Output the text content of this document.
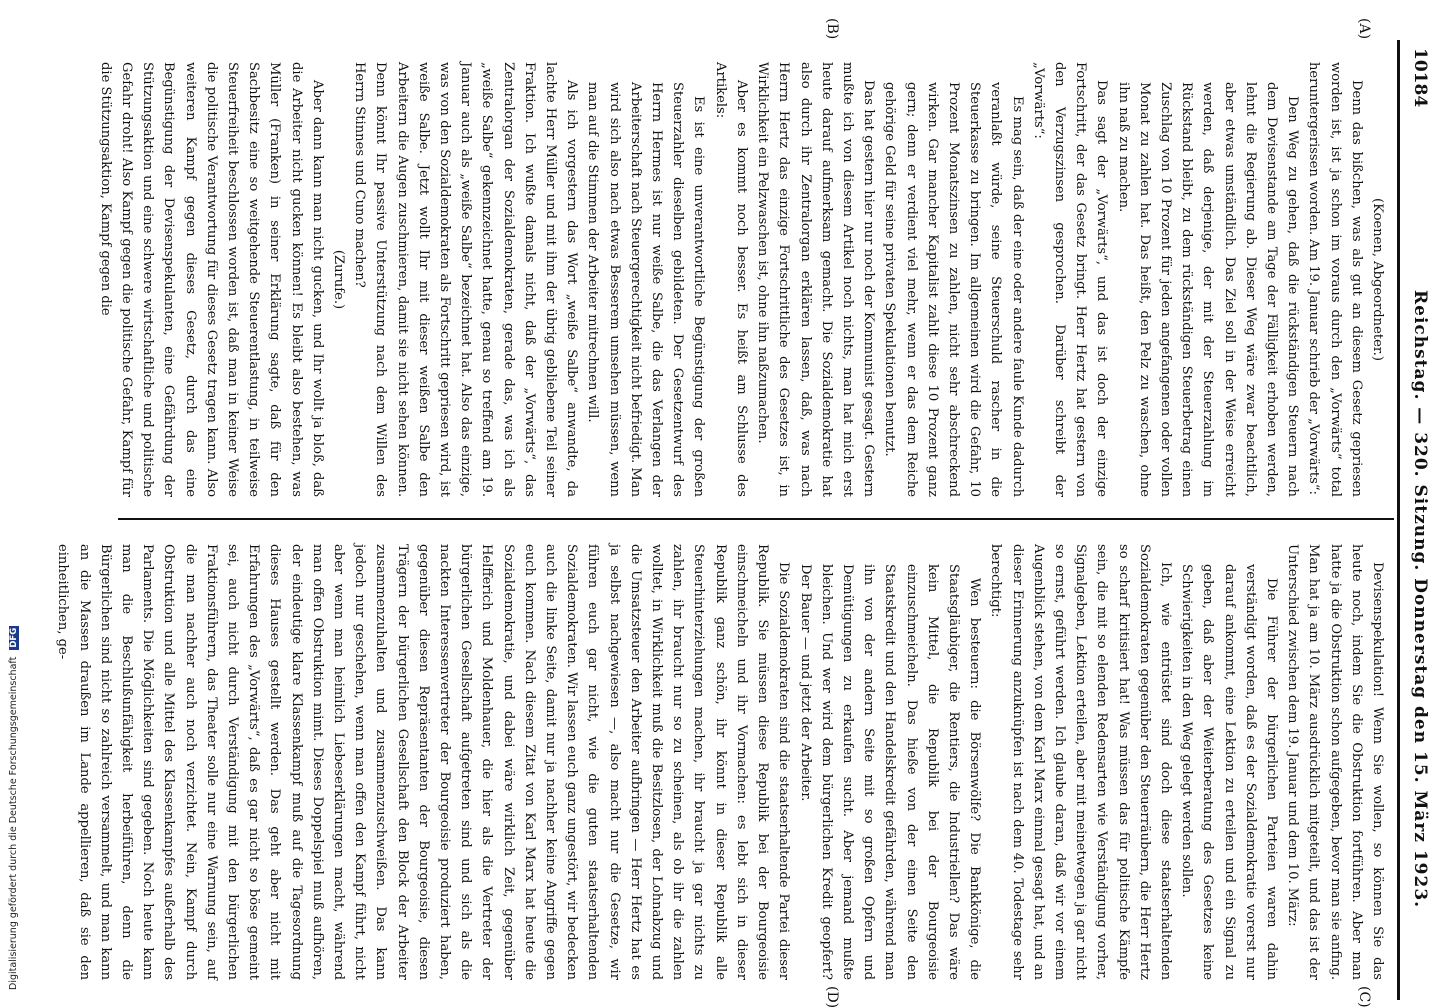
10184
Reichstag. — 320. Sitzung. Donnerstag den 15. März 1923.
(A)
(B)
(C)
(D)

(Koenen, Abgeordneter.)

Denn das bißchen, was als gut an diesem Gesetz gepriesen worden ist, ist ja schon im voraus durch den „Vorwärts“ total heruntergerissen worden. Am 19. Januar schrieb der „Vorwärts“:

Den Weg zu gehen, daß die rückständigen Steuern nach dem Devisenstande am Tage der Fälligkeit erhoben werden, lehnt die Regierung ab. Dieser Weg wäre zwar beachtlich, aber etwas umständlich. Das Ziel soll in der Weise erreicht werden, daß derjenige, der mit der Steuerzahlung im Rückstand bleibt, zu dem rückständigen Steuerbetrag einen Zuschlag von 10 Prozent für jeden angefangenen oder vollen Monat zu zahlen hat. Das heißt, den Pelz zu waschen, ohne ihn naß zu machen.

Das sagt der „Vorwärts“, und das ist doch der einzige Fortschritt, der das Gesetz bringt. Herr Hertz hat gestern von den Verzugszinsen gesprochen. Darüber schreibt der „Vorwärts“:

Es mag sein, daß der eine oder andere faule Kunde dadurch veranlaßt würde, seine Steuerschuld rascher in die Steuerkasse zu bringen. Im allgemeinen wird die Gefahr, 10 Prozent Monatszinsen zu zahlen, nicht sehr abschreckend wirken. Gar mancher Kapitalist zahlt diese 10 Prozent ganz gern; denn er verdient viel mehr, wenn er das dem Reiche gehörige Geld für seine privaten Spekulationen benutzt.

Das hat gestern hier nur noch der Kommunist gesagt. Gestern mußte ich von diesem Artikel noch nichts, man hat mich erst heute darauf aufmerksam gemacht. Die Sozialdemokratie hat also durch ihr Zentralorgan erklären lassen, daß, was nach Herrn Hertz das einzige Fortschrittliche des Gesetzes ist, in Wirklichkeit ein Pelzwaschen ist, ohne ihn naßzumachen.

Aber es kommt noch besser. Es heißt am Schlusse des Artikels:

Es ist eine unverantwortliche Begünstigung der großen Steuerzahler dieselben gebildeten. Der Gesetzentwurf des Herrn Hermes ist nur weiße Salbe, die das Verlangen der Arbeiterschaft nach Steuergerechtigkeit nicht befriedigt. Man wird sich also nach etwas Besserem umsehen müssen, wenn man auf die Stimmen der Arbeiter mitrechnen will.

Als ich vorgestern das Wort „weiße Salbe“ anwandte, da lachte Herr Müller und mit ihm der übrig gebliebene Teil seiner Fraktion. Ich wußte damals nicht, daß der „Vorwärts“, das Zentralorgan der Sozialdemokraten, gerade das, was ich als „weiße Salbe“ gekennzeichnet hatte, genau so treffend am 19. Januar auch als „weiße Salbe“ bezeichnet hat. Also das einzige, was von den Sozialdemokraten als Fortschritt gepriesen wird, ist weiße Salbe. Jetzt wollt Ihr mit dieser weißen Salbe den Arbeitern die Augen zuschmieren, damit sie nicht sehen können. Denn könnt Ihr passive Unterstützung nach dem Willen des Herrn Stinnes und Cuno machen?

(Zurufe.)

Aber dann kann man nicht gucken, und Ihr wollt ja bloß, daß die Arbeiter nicht gucken können! Es bleibt also bestehen, was Müller (Franken) in seiner Erklärung sagte, daß für den Sachbesitz eine so weitgehende Steuerentlastung, in teilweise Steuerfreiheit beschlossen worden ist, daß man in keiner Weise die politische Verantwortung für dieses Gesetz tragen kann. Also weiteren Kampf gegen dieses Gesetz, durch das eine Begünstigung der Devisenspekulanten, eine Gefährdung der Stützungsaktion und eine schwere wirtschaftliche und politische Gefahr droht! Also Kampf gegen die politische Gefahr, Kampf für die Stützungsaktion, Kampf gegen die

Devisenspekulation! Wenn Sie wollen, so können Sie das heute noch, indem Sie die Obstruktion fortführen. Aber man hatte ja die Obstruktion schon aufgegeben, bevor man sie anfing. Man hat ja am 10. März ausdrücklich mitgeteilt, und das ist der Unterschied zwischen dem 19. Januar und dem 10. März:

Die Führer der bürgerlichen Parteien waren dahin verständigt worden, daß es der Sozialdemokratie vorerst nur darauf ankommt, eine Lektion zu erteilen und ein Signal zu geben, daß aber der Weiterberatung des Gesetzes keine Schwierigkeiten in den Weg gelegt werden sollen.

Ich, wie entrüstet sind doch diese staatserhaltenden Sozialdemokraten gegenüber den Steuerräubern, die Herr Hertz so scharf kritisiert hat! Was müssen das für politische Kämpfe sein, die mit so elenden Redensarten wie Verständigung vorher, Signalgeben, Lektion erteilen, aber mit meinetwegen ja gar nicht so ernst, geführt werden. Ich glaube daran, daß wir vor einem Augenblick stehen, von dem Karl Marx einmal gesagt hat, und an dieser Erinnerung anzuknüpfen ist nach dem 40. Todestage sehr berechtigt:

Wen besteuern: die Börsenwölfe? Die Bankkönige, die Staatsgläubiger, die Rentiers, die Industriellen? Das wäre kein Mittel, die Republik bei der Bourgeoisie einzuschmeicheln. Das hieße von der einen Seite den Staatskredit und den Handelskredit gefährden, während man ihn von der andern Seite mit so großen Opfern und Demütigungen zu erkaufen sucht. Aber jemand mußte bleichen. Und wer wird dem bürgerlichen Kredit geopfert? Der Bauer — und jetzt der Arbeiter.

Die Sozialdemokraten sind die staatserhaltende Partei dieser Republik. Sie müssen diese Republik bei der Bourgeoisie einschmeicheln und ihr Vormachen: es lebt sich in dieser Republik ganz schön, ihr könnt in dieser Republik alle Steuerhinterziehungen machen, ihr braucht ja gar nichts zu zahlen, ihr braucht nur so zu scheinen, als ob ihr die zahlen wolltet, in Wirklichkeit muß die Besitzlosen, der Lohnabzug und die Umsatzsteuer den Arbeiter aufbringen — Herr Hertz hat es ja selbst nachgewiesen —, also macht nur die Gesetze, wir führen euch gar nicht, wie die guten staatserhaltenden Sozialdemokraten. Wir lassen euch ganz ungestört, wir bedecken auch die linke Seite, damit nur ja nachher keine Angriffe gegen euch kommen. Nach diesem Zitat von Karl Marx hat heute die Sozialdemokratie, und dabei wäre wirklich Zeit, gegenüber Helfferich und Moldenhauer, die hier als die Vertreter der bürgerlichen Gesellschaft aufgetreten sind und sich als die nackten Interessenvertreter der Bourgeoisie produziert haben, gegenüber diesen Repräsentanten der Bourgeoisie, diesen Trägern der bürgerlichen Gesellschaft den Block der Arbeiter zusammenzuhalten und zusammenzuschweißen. Das kann jedoch nur geschehen, wenn man offen den Kampf führt, nicht aber wenn man heimlich Liebeserklärungen macht, während man offen Obstruktion mimt. Dieses Doppelspiel muß aufhören, der eindeutige klare Klassenkampf muß auf die Tagesordnung dieses Hauses gestellt werden. Das geht aber nicht mit Erfahrungen des „Vorwärts“, daß es gar nicht so böse gemeint sei, auch nicht durch Verständigung mit den bürgerlichen Fraktionsführern, das Theater solle nur eine Warnung sein, auf die man nachher auch noch verzichtet. Nein, Kampf durch Obstruktion und alle Mittel des Klassenkampfes außerhalb des Parlaments. Die Möglichkeiten sind gegeben. Noch heute kann man die Beschlußunfähigkeit herbeiführen, denn die Bürgerlichen sind nicht so zahlreich versammelt, und man kann an die Massen draußen im Lande appellieren, daß sie den einheitlichen, ge-

Digitalisierung gefördert durch die Deutsche Forschungsgemeinschaft DFG
